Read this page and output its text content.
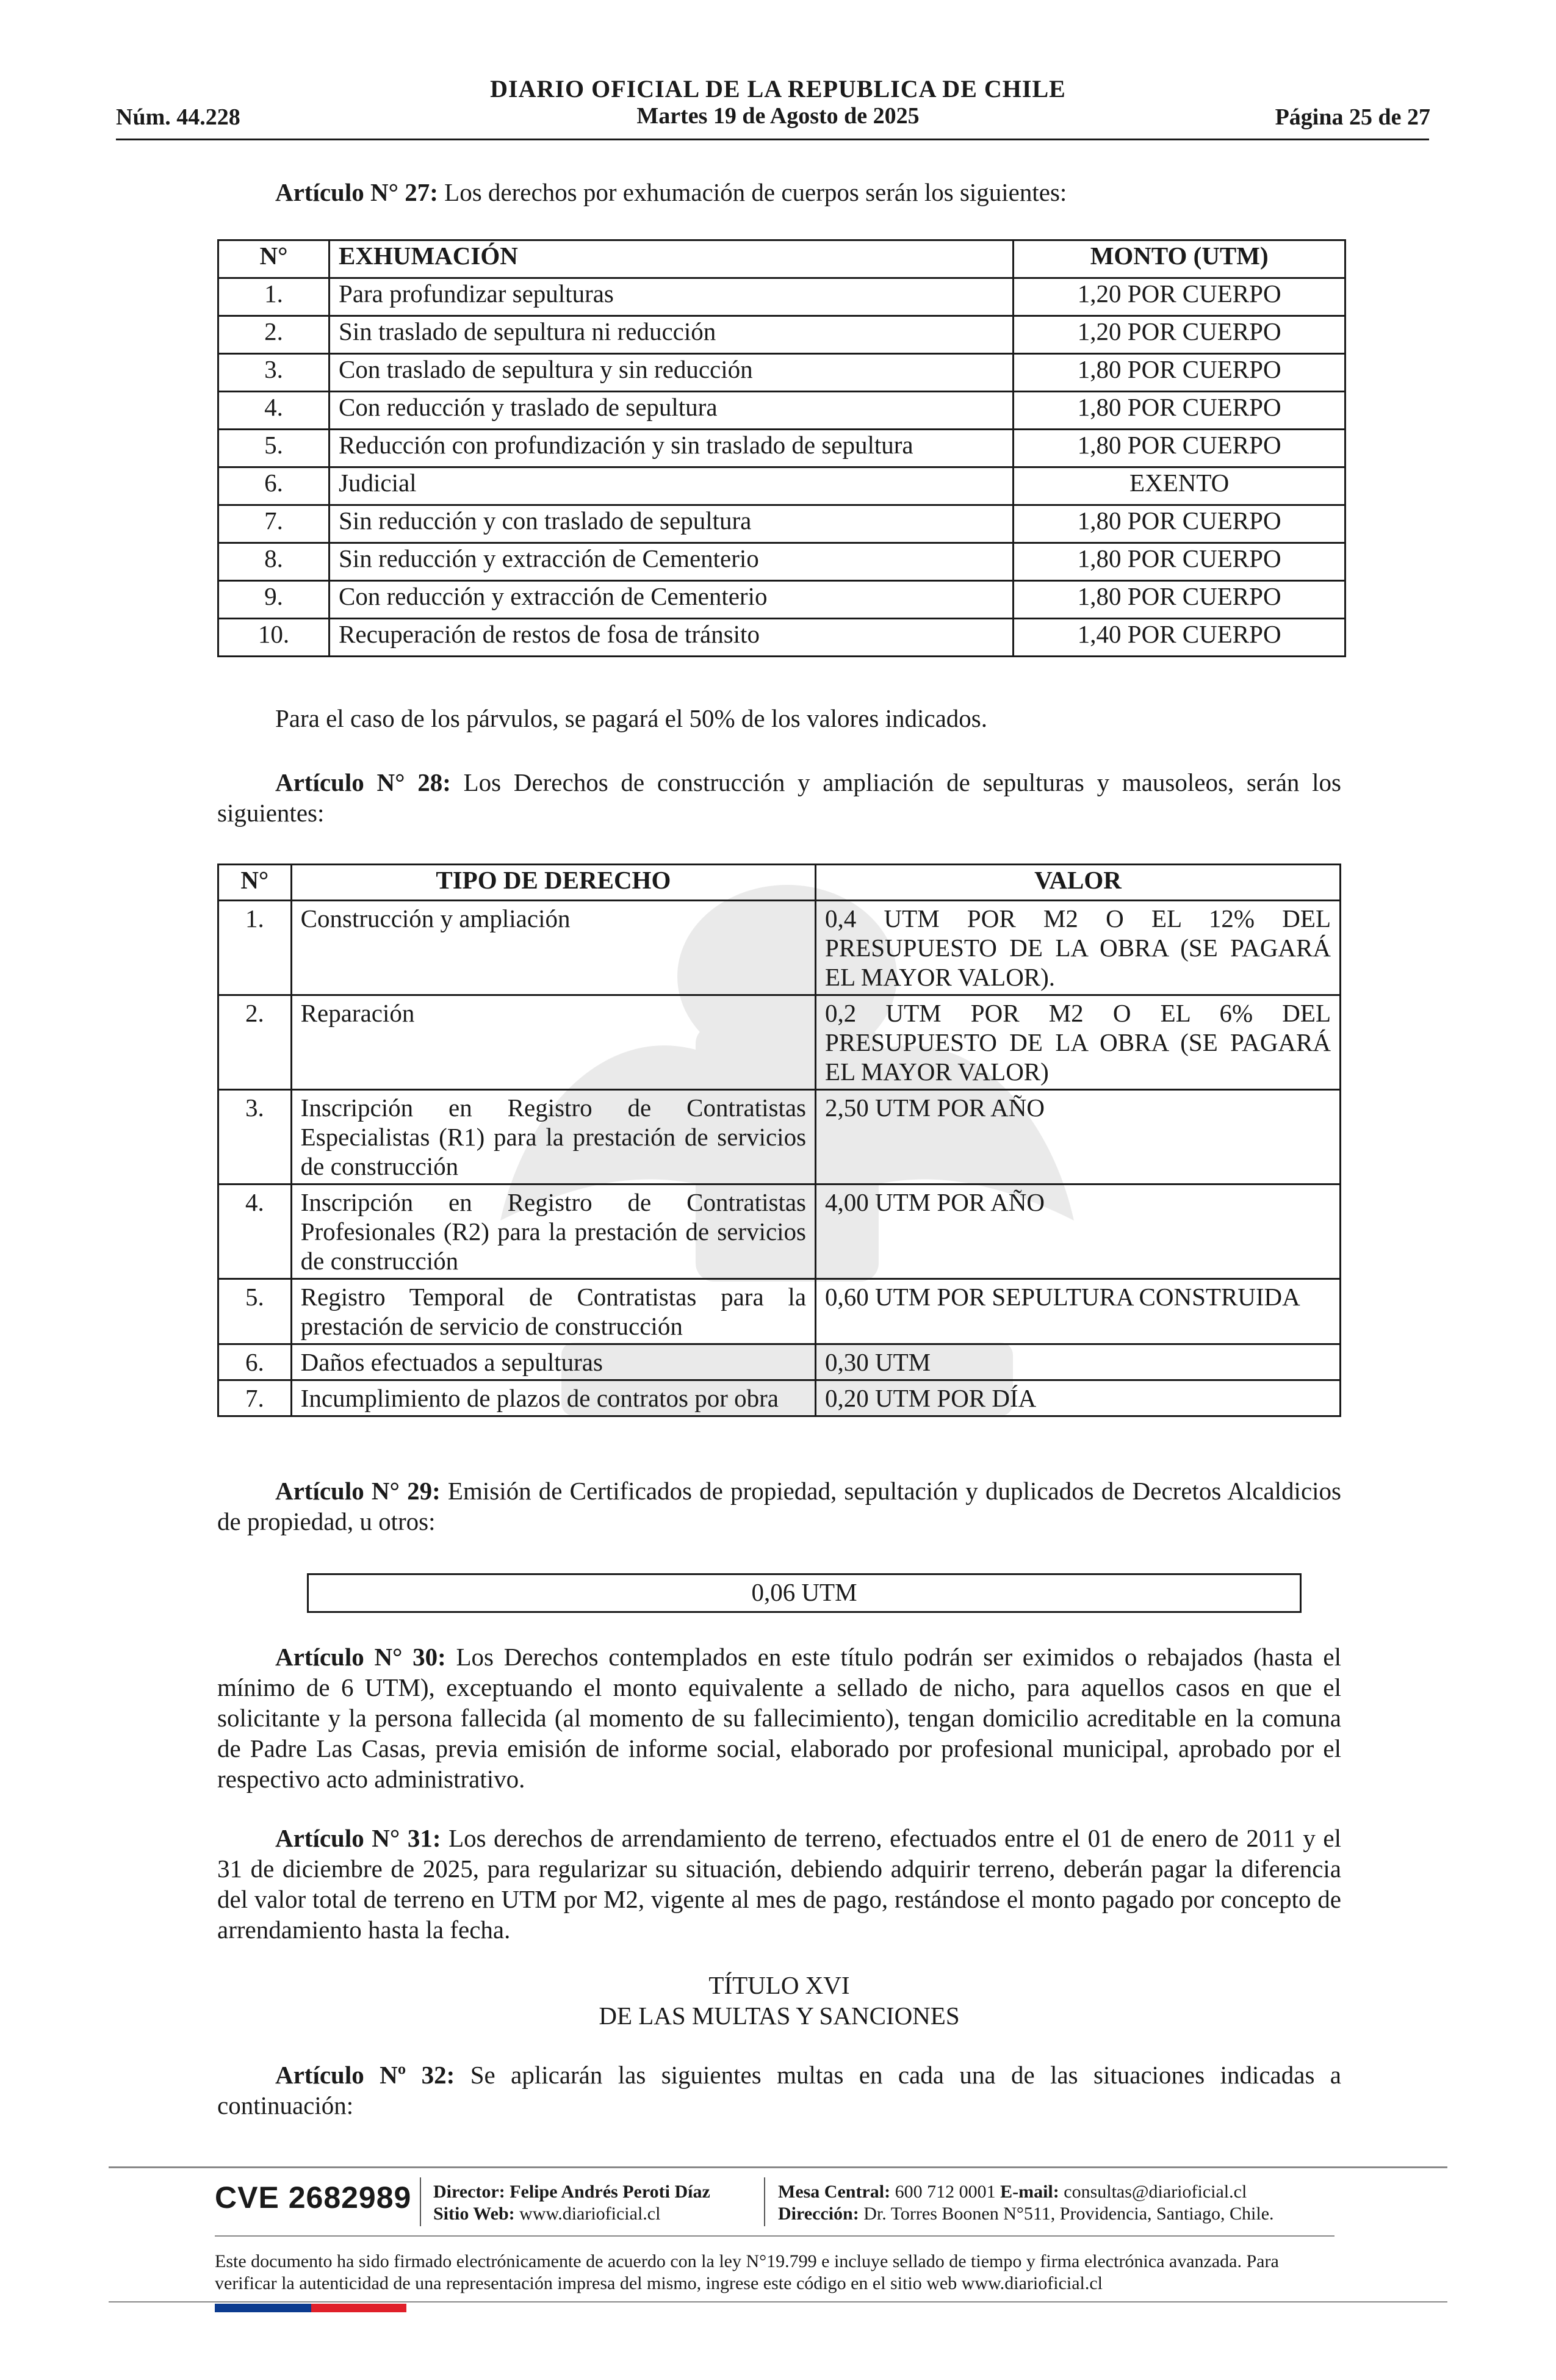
DIARIO OFICIAL DE LA REPUBLICA DE CHILE
Núm. 44.228	Martes 19 de Agosto de 2025	Página 25 de 27
Artículo N° 27: Los derechos por exhumación de cuerpos serán los siguientes:
N°	EXHUMACIÓN	MONTO (UTM)
1.	Para profundizar sepulturas	1,20 POR CUERPO
2.	Sin traslado de sepultura ni reducción	1,20 POR CUERPO
3.	Con traslado de sepultura y sin reducción	1,80 POR CUERPO
4.	Con reducción y traslado de sepultura	1,80 POR CUERPO
5.	Reducción con profundización y sin traslado de sepultura	1,80 POR CUERPO
6.	Judicial	EXENTO
7.	Sin reducción y con traslado de sepultura	1,80 POR CUERPO
8.	Sin reducción y extracción de Cementerio	1,80 POR CUERPO
9.	Con reducción y extracción de Cementerio	1,80 POR CUERPO
10.	Recuperación de restos de fosa de tránsito	1,40 POR CUERPO
Para el caso de los párvulos, se pagará el 50% de los valores indicados.
Artículo N° 28: Los Derechos de construcción y ampliación de sepulturas y mausoleos, serán los siguientes:
N°	TIPO DE DERECHO	VALOR
1.	Construcción y ampliación	0,4 UTM POR M2 O EL 12% DEL PRESUPUESTO DE LA OBRA (SE PAGARÁ EL MAYOR VALOR).
2.	Reparación	0,2 UTM POR M2 O EL 6% DEL PRESUPUESTO DE LA OBRA (SE PAGARÁ EL MAYOR VALOR)
3.	Inscripción en Registro de Contratistas Especialistas (R1) para la prestación de servicios de construcción	2,50 UTM POR AÑO
4.	Inscripción en Registro de Contratistas Profesionales (R2) para la prestación de servicios de construcción	4,00 UTM POR AÑO
5.	Registro Temporal de Contratistas para la prestación de servicio de construcción	0,60 UTM POR SEPULTURA CONSTRUIDA
6.	Daños efectuados a sepulturas	0,30 UTM
7.	Incumplimiento de plazos de contratos por obra	0,20 UTM POR DÍA
Artículo N° 29: Emisión de Certificados de propiedad, sepultación y duplicados de Decretos Alcaldicios de propiedad, u otros:
0,06 UTM
Artículo N° 30: Los Derechos contemplados en este título podrán ser eximidos o rebajados (hasta el mínimo de 6 UTM), exceptuando el monto equivalente a sellado de nicho, para aquellos casos en que el solicitante y la persona fallecida (al momento de su fallecimiento), tengan domicilio acreditable en la comuna de Padre Las Casas, previa emisión de informe social, elaborado por profesional municipal, aprobado por el respectivo acto administrativo.
Artículo N° 31: Los derechos de arrendamiento de terreno, efectuados entre el 01 de enero de 2011 y el 31 de diciembre de 2025, para regularizar su situación, debiendo adquirir terreno, deberán pagar la diferencia del valor total de terreno en UTM por M2, vigente al mes de pago, restándose el monto pagado por concepto de arrendamiento hasta la fecha.
TÍTULO XVI
DE LAS MULTAS Y SANCIONES
Artículo Nº 32: Se aplicarán las siguientes multas en cada una de las situaciones indicadas a continuación:
CVE 2682989 Director: Felipe Andrés Peroti Díaz
Sitio Web: www.diarioficial.cl
Mesa Central: 600 712 0001 E-mail: consultas@diarioficial.cl
Dirección: Dr. Torres Boonen N°511, Providencia, Santiago, Chile.
Este documento ha sido firmado electrónicamente de acuerdo con la ley N°19.799 e incluye sellado de tiempo y firma electrónica avanzada. Para verificar la autenticidad de una representación impresa del mismo, ingrese este código en el sitio web www.diarioficial.cl
